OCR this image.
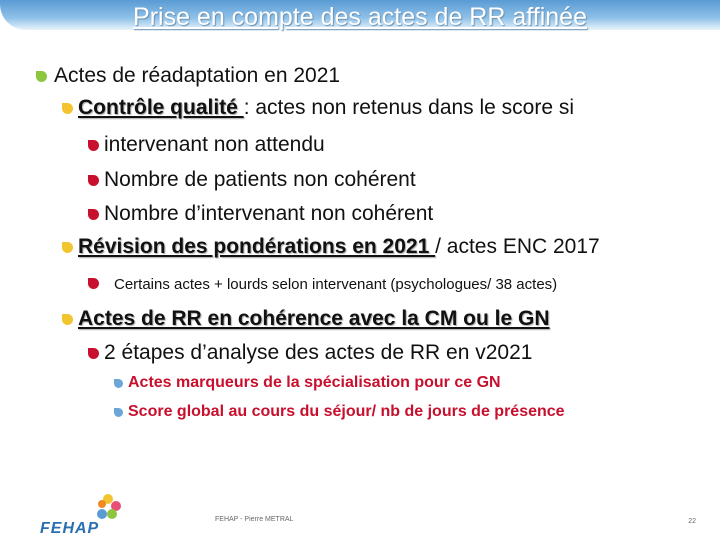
Prise en compte des actes de RR affinée
Actes de réadaptation en 2021
Contrôle qualité : actes non retenus dans le score si
intervenant non attendu
Nombre de patients non cohérent
Nombre d’intervenant non cohérent
Révision des pondérations en 2021 / actes ENC 2017
Certains actes + lourds selon intervenant (psychologues/ 38 actes)
Actes de RR en cohérence avec la CM ou le GN
2 étapes d’analyse des actes de RR en v2021
Actes marqueurs de la spécialisation pour ce GN
Score global au cours du séjour/ nb de jours de présence
FEHAP
FEHAP - Pierre METRAL	22
